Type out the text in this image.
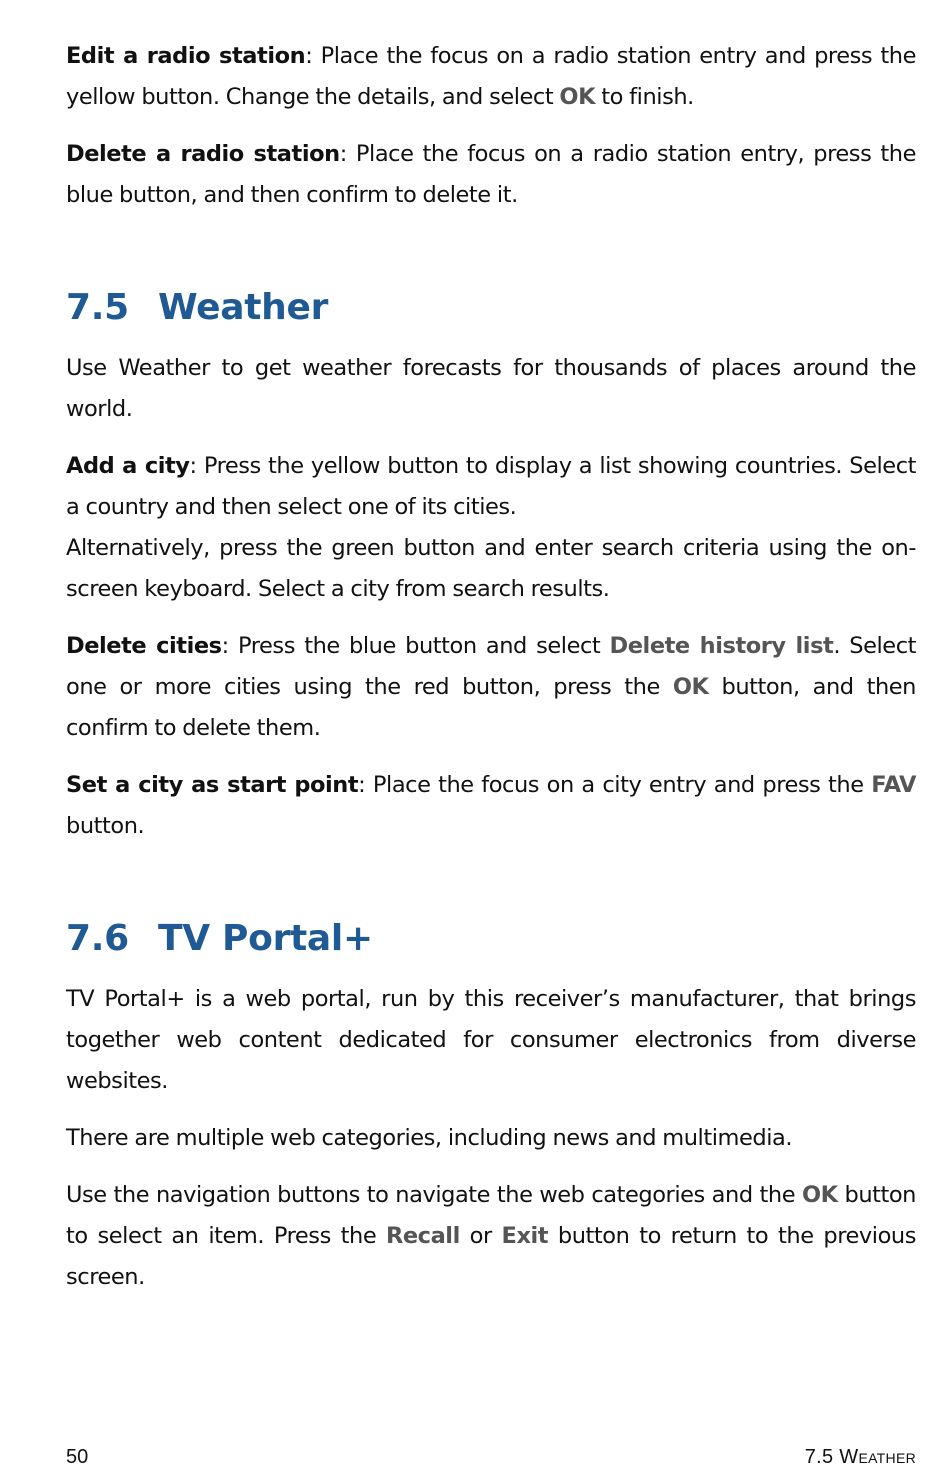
Edit a radio station: Place the focus on a radio station entry and press the yellow button. Change the details, and select OK to finish.

Delete a radio station: Place the focus on a radio station entry, press the blue button, and then confirm to delete it.

7.5 Weather

Use Weather to get weather forecasts for thousands of places around the world.

Add a city: Press the yellow button to display a list showing countries. Select a country and then select one of its cities.
Alternatively, press the green button and enter search criteria using the on-screen keyboard. Select a city from search results.

Delete cities: Press the blue button and select Delete history list. Select one or more cities using the red button, press the OK button, and then confirm to delete them.

Set a city as start point: Place the focus on a city entry and press the FAV button.

7.6 TV Portal+

TV Portal+ is a web portal, run by this receiver’s manufacturer, that brings together web content dedicated for consumer electronics from diverse websites.

There are multiple web categories, including news and multimedia.

Use the navigation buttons to navigate the web categories and the OK button to select an item. Press the Recall or Exit button to return to the previous screen.

50	7.5 Weather
